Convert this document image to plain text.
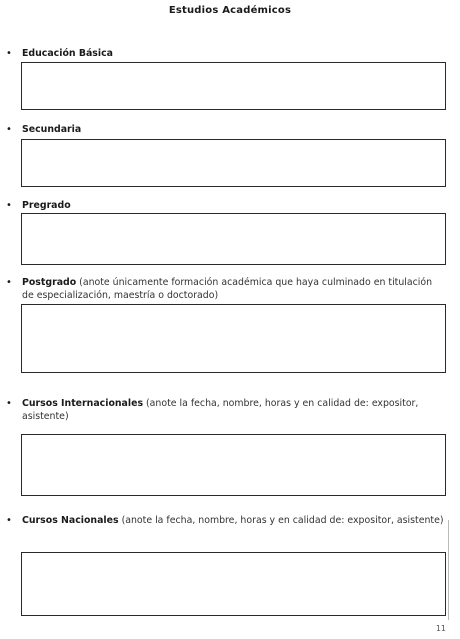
Estudios Académicos
• Educación Básica
• Secundaria
• Pregrado
• Postgrado (anote únicamente formación académica que haya culminado en titulación de especialización, maestría o doctorado)
• Cursos Internacionales (anote la fecha, nombre, horas y en calidad de: expositor, asistente)
• Cursos Nacionales (anote la fecha, nombre, horas y en calidad de: expositor, asistente)
11
